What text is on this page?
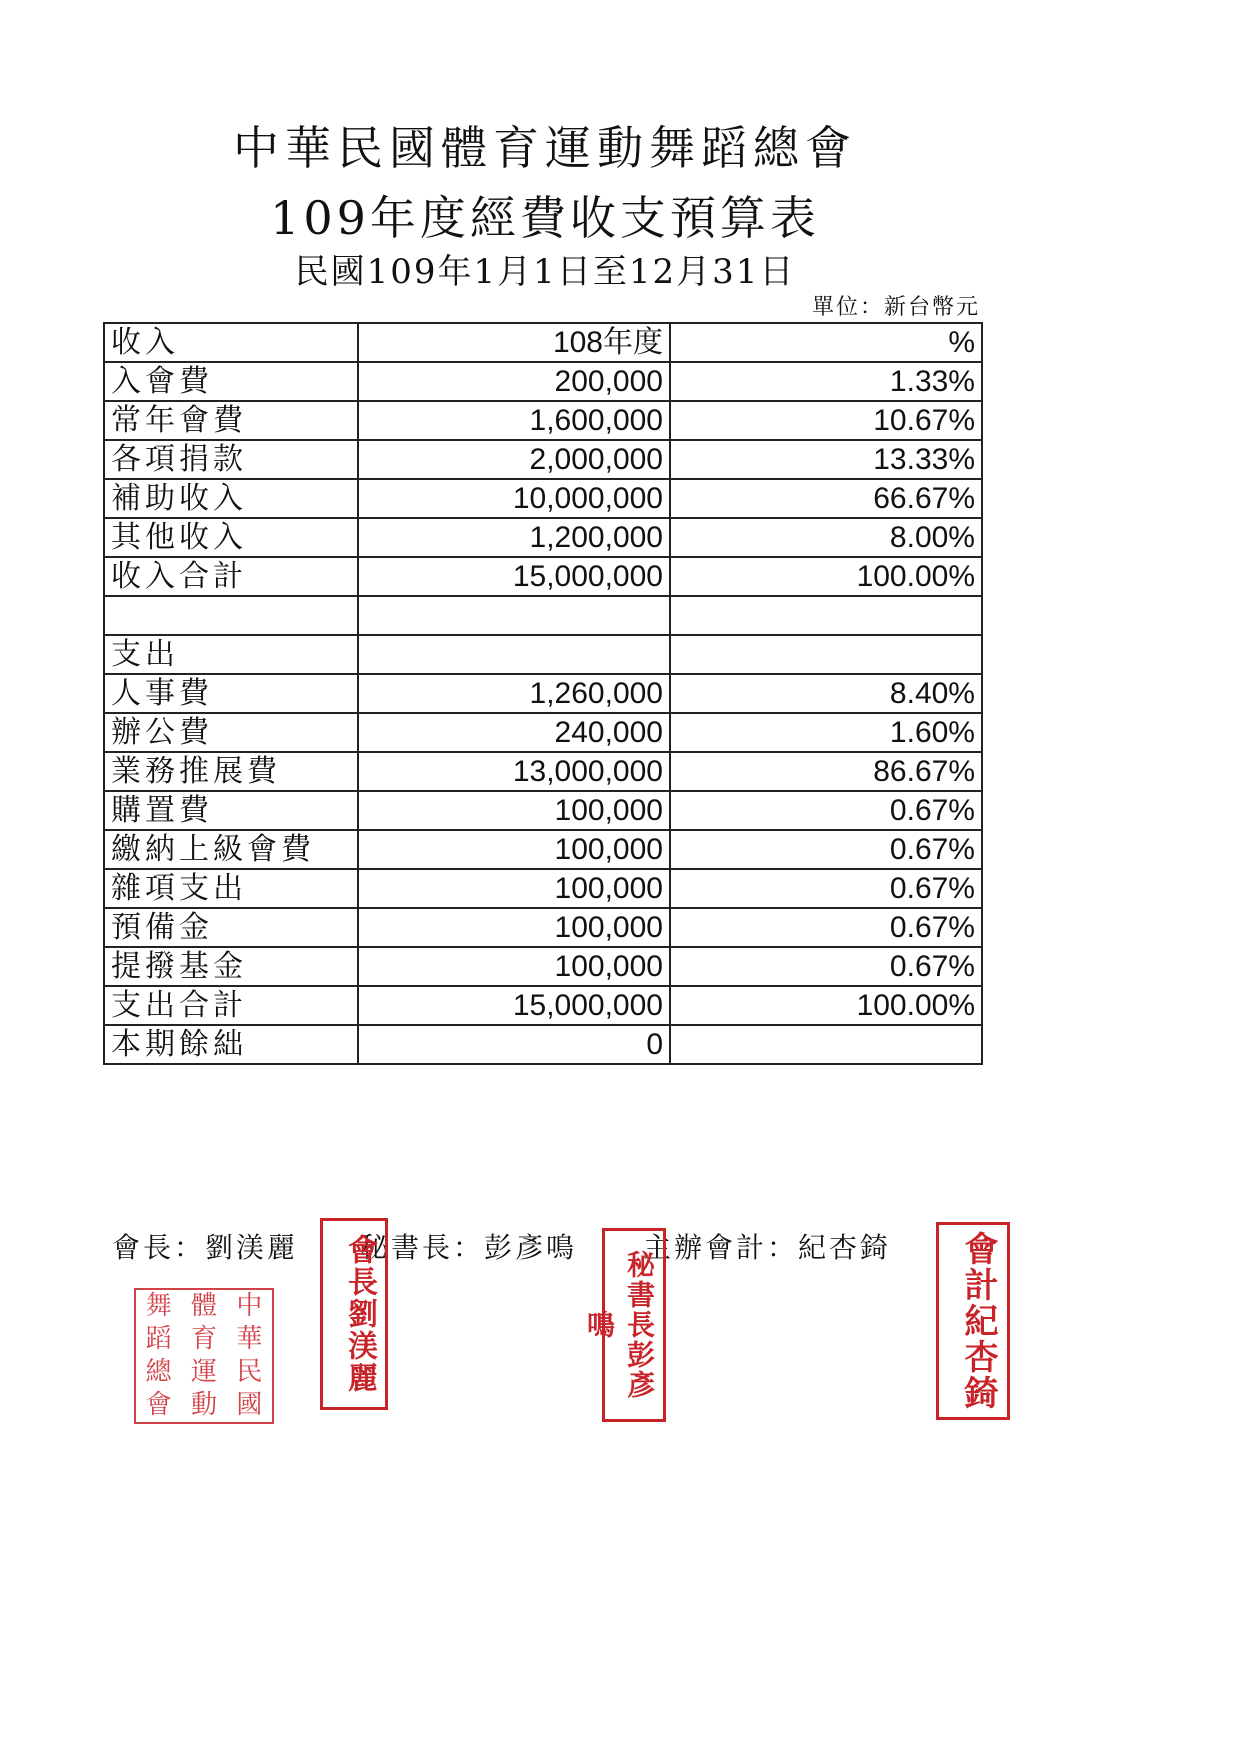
中華民國體育運動舞蹈總會
109年度經費收支預算表
民國109年1月1日至12月31日
單位：新台幣元
收入	108年度	%
入會費	200,000	1.33%
常年會費	1,600,000	10.67%
各項捐款	2,000,000	13.33%
補助收入	10,000,000	66.67%
其他收入	1,200,000	8.00%
收入合計	15,000,000	100.00%

支出		
人事費	1,260,000	8.40%
辦公費	240,000	1.60%
業務推展費	13,000,000	86.67%
購置費	100,000	0.67%
繳納上級會費	100,000	0.67%
雜項支出	100,000	0.67%
預備金	100,000	0.67%
提撥基金	100,000	0.67%
支出合計	15,000,000	100.00%
本期餘絀	0	
會長：劉渼麗 秘書長：彭彥鳴 主辦會計：紀杏錡
中
華
民
國
體
育
運
動
舞
蹈
總
會
會長劉渼麗	秘書長彭彥鳴	會計紀杏錡
